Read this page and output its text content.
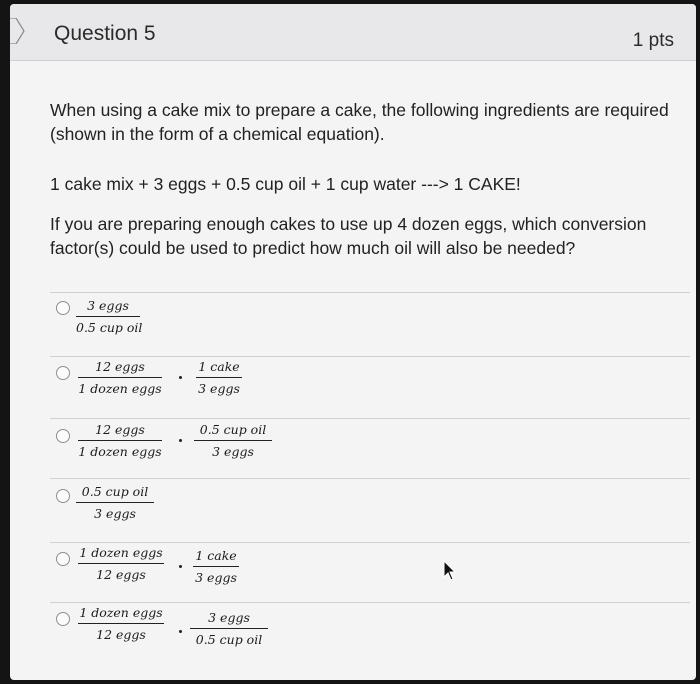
Question 5	1 pts
When using a cake mix to prepare a cake, the following ingredients are required (shown in the form of a chemical equation).
1 cake mix + 3 eggs + 0.5 cup oil + 1 cup water ---> 1 CAKE!
If you are preparing enough cakes to use up 4 dozen eggs, which conversion factor(s) could be used to predict how much oil will also be needed?
3 eggs
0.5 cup oil
12 eggs
1 dozen eggs
1 cake
3 eggs
12 eggs
1 dozen eggs
0.5 cup oil
3 eggs
0.5 cup oil
3 eggs
1 dozen eggs
12 eggs
1 cake
3 eggs
1 dozen eggs
12 eggs
3 eggs
0.5 cup oil
